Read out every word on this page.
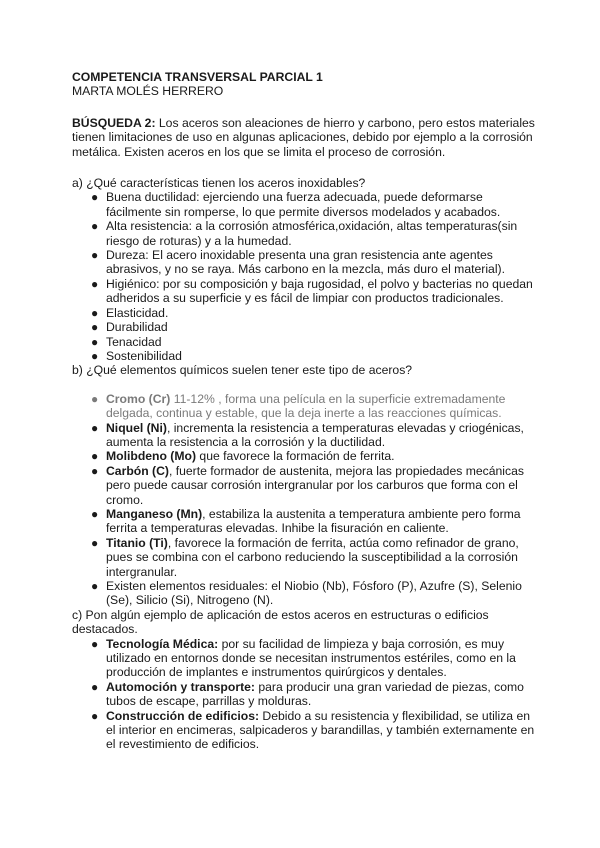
COMPETENCIA TRANSVERSAL PARCIAL 1
MARTA MOLÉS HERRERO
BÚSQUEDA 2: Los aceros son aleaciones de hierro y carbono, pero estos materiales tienen limitaciones de uso en algunas aplicaciones, debido por ejemplo a la corrosión metálica. Existen aceros en los que se limita el proceso de corrosión.
a) ¿Qué características tienen los aceros inoxidables?
● Buena ductilidad: ejerciendo una fuerza adecuada, puede deformarse fácilmente sin romperse, lo que permite diversos modelados y acabados.
● Alta resistencia: a la corrosión atmosférica,oxidación, altas temperaturas(sin riesgo de roturas) y a la humedad.
● Dureza: El acero inoxidable presenta una gran resistencia ante agentes abrasivos, y no se raya. Más carbono en la mezcla, más duro el material).
● Higiénico: por su composición y baja rugosidad, el polvo y bacterias no quedan adheridos a su superficie y es fácil de limpiar con productos tradicionales.
● Elasticidad.
● Durabilidad
● Tenacidad
● Sostenibilidad
b) ¿Qué elementos químicos suelen tener este tipo de aceros?
● Cromo (Cr) 11-12% , forma una película en la superficie extremadamente delgada, continua y estable, que la deja inerte a las reacciones químicas.
● Niquel (Ni), incrementa la resistencia a temperaturas elevadas y criogénicas, aumenta la resistencia a la corrosión y la ductilidad.
● Molibdeno (Mo) que favorece la formación de ferrita.
● Carbón (C), fuerte formador de austenita, mejora las propiedades mecánicas pero puede causar corrosión intergranular por los carburos que forma con el cromo.
● Manganeso (Mn), estabiliza la austenita a temperatura ambiente pero forma ferrita a temperaturas elevadas. Inhibe la fisuración en caliente.
● Titanio (Ti), favorece la formación de ferrita, actúa como refinador de grano, pues se combina con el carbono reduciendo la susceptibilidad a la corrosión intergranular.
● Existen elementos residuales: el Niobio (Nb), Fósforo (P), Azufre (S), Selenio (Se), Silicio (Si), Nitrogeno (N).
c) Pon algún ejemplo de aplicación de estos aceros en estructuras o edificios destacados.
● Tecnología Médica: por su facilidad de limpieza y baja corrosión, es muy utilizado en entornos donde se necesitan instrumentos estériles, como en la producción de implantes e instrumentos quirúrgicos y dentales.
● Automoción y transporte: para producir una gran variedad de piezas, como tubos de escape, parrillas y molduras.
● Construcción de edificios: Debido a su resistencia y flexibilidad, se utiliza en el interior en encimeras, salpicaderos y barandillas, y también externamente en el revestimiento de edificios.
